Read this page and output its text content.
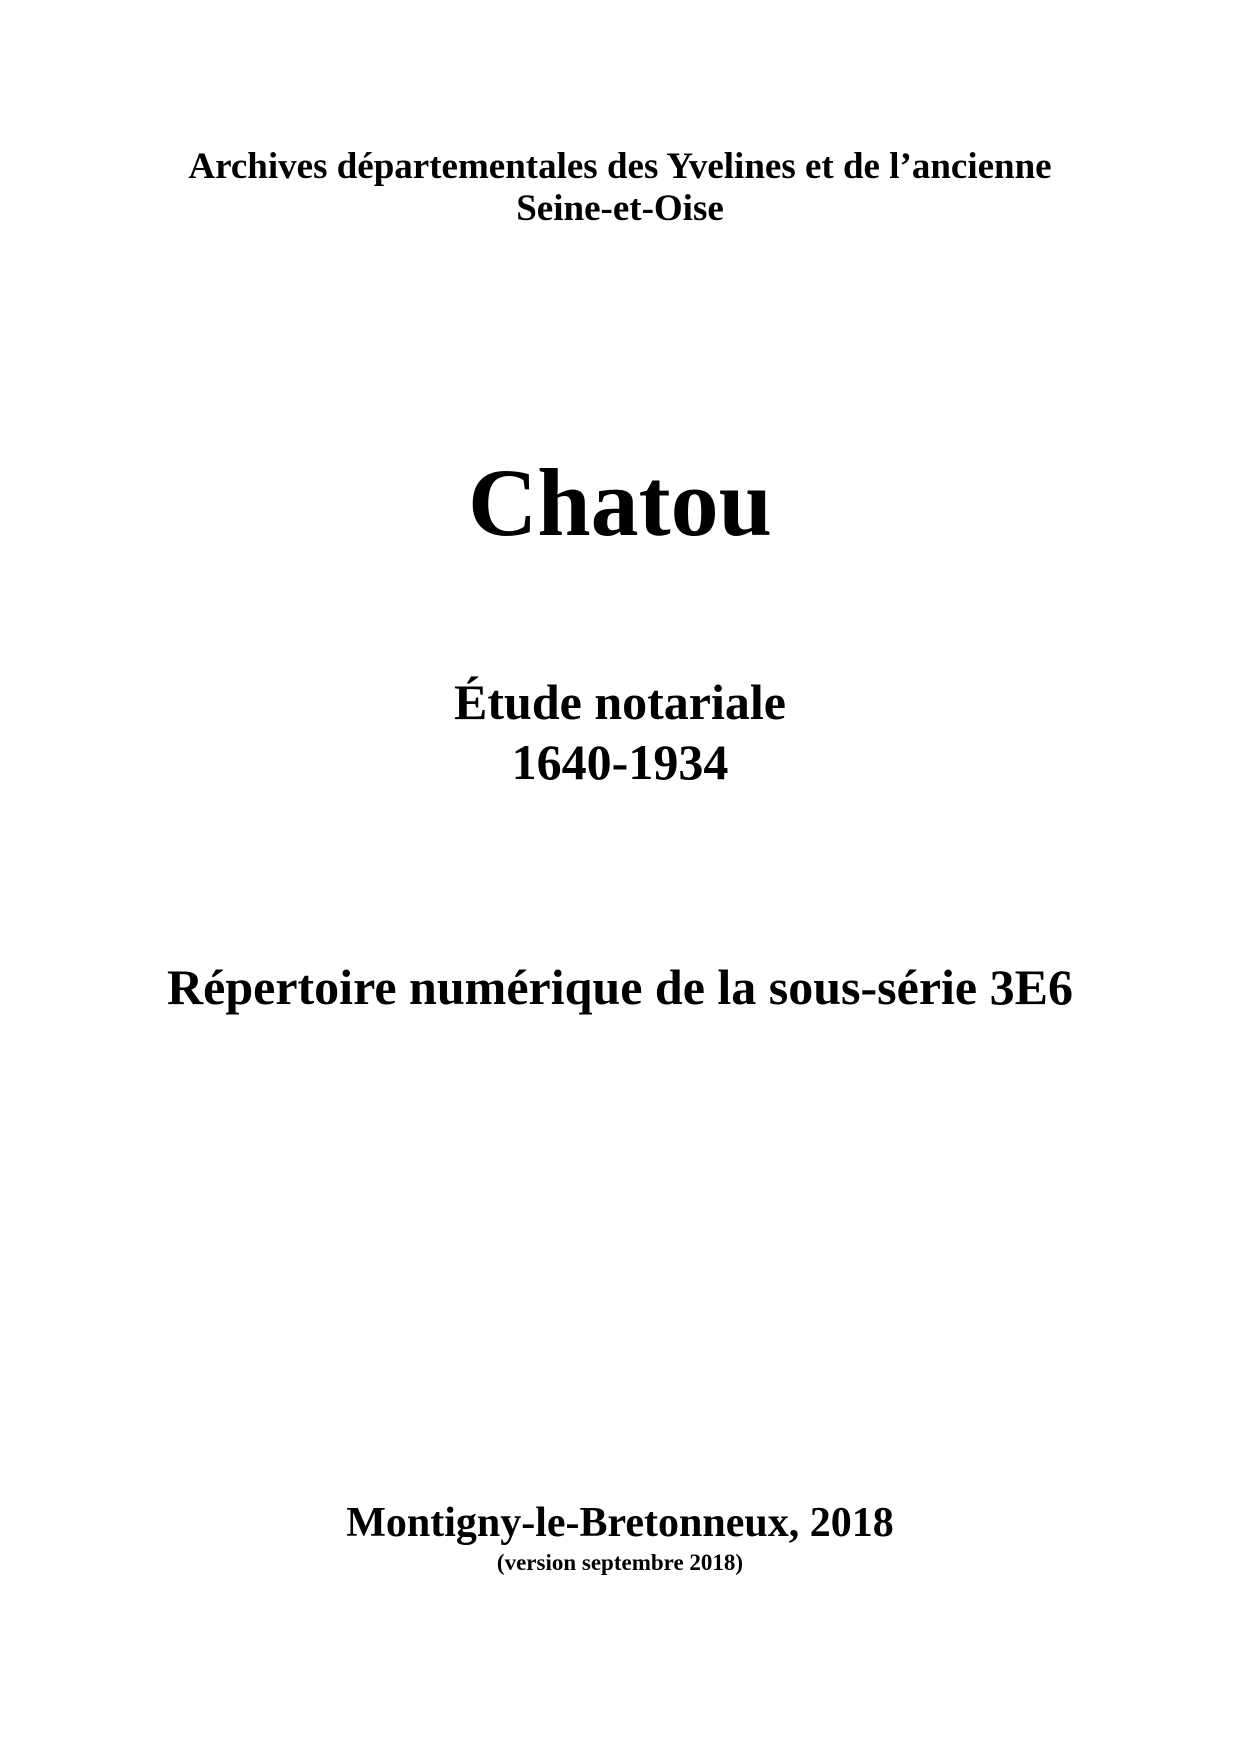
Archives départementales des Yvelines et de l’ancienne
Seine-et-Oise
Chatou
Étude notariale
1640-1934
Répertoire numérique de la sous-série 3E6
Montigny-le-Bretonneux, 2018
(version septembre 2018)
